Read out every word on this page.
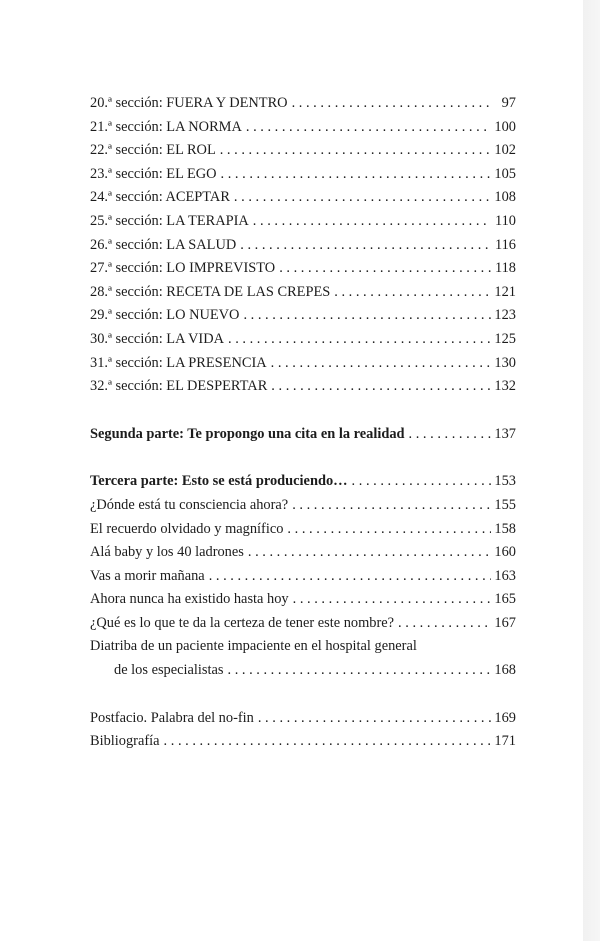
20.ª sección: FUERA Y DENTRO . . .	97
21.ª sección: LA NORMA . . .	100
22.ª sección: EL ROL . . .	102
23.ª sección: EL EGO . . .	105
24.ª sección: ACEPTAR . . .	108
25.ª sección: LA TERAPIA . . .	110
26.ª sección: LA SALUD . . .	116
27.ª sección: LO IMPREVISTO . . .	118
28.ª sección: RECETA DE LAS CREPES . . .	121
29.ª sección: LO NUEVO . . .	123
30.ª sección: LA VIDA . . .	125
31.ª sección: LA PRESENCIA . . .	130
32.ª sección: EL DESPERTAR . . .	132
Segunda parte: Te propongo una cita en la realidad . . .	137
Tercera parte: Esto se está produciendo… . . .	153
¿Dónde está tu consciencia ahora? . . .	155
El recuerdo olvidado y magnífico . . .	158
Alá baby y los 40 ladrones . . .	160
Vas a morir mañana . . .	163
Ahora nunca ha existido hasta hoy . . .	165
¿Qué es lo que te da la certeza de tener este nombre? . . .	167
Diatriba de un paciente impaciente en el hospital general
de los especialistas . . .	168
Postfacio. Palabra del no-fin . . .	169
Bibliografía . . .	171
